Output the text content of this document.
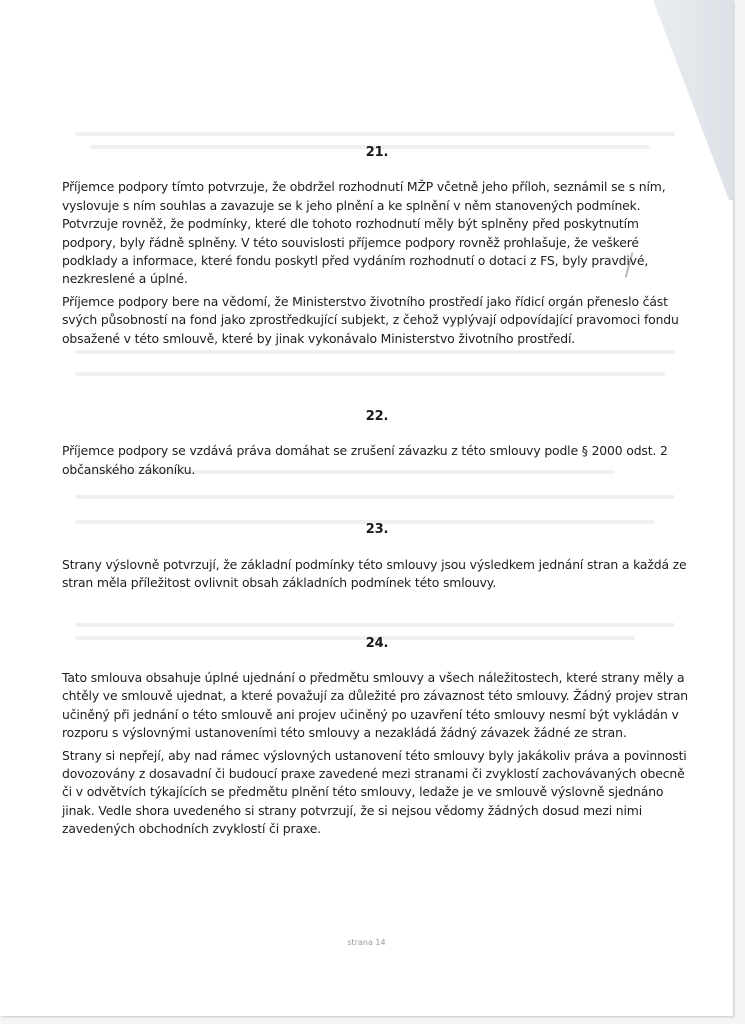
21.

Příjemce podpory tímto potvrzuje, že obdržel rozhodnutí MŽP včetně jeho příloh, seznámil se s ním, vyslovuje s ním souhlas a zavazuje se k jeho plnění a ke splnění v něm stanovených podmínek. Potvrzuje rovněž, že podmínky, které dle tohoto rozhodnutí měly být splněny před poskytnutím podpory, byly řádně splněny. V této souvislosti příjemce podpory rovněž prohlašuje, že veškeré podklady a informace, které fondu poskytl před vydáním rozhodnutí o dotaci z FS, byly pravdivé, nezkreslené a úplné.

Příjemce podpory bere na vědomí, že Ministerstvo životního prostředí jako řídicí orgán přeneslo část svých působností na fond jako zprostředkující subjekt, z čehož vyplývají odpovídající pravomoci fondu obsažené v této smlouvě, které by jinak vykonávalo Ministerstvo životního prostředí.

22.

Příjemce podpory se vzdává práva domáhat se zrušení závazku z této smlouvy podle § 2000 odst. 2 občanského zákoníku.

23.

Strany výslovně potvrzují, že základní podmínky této smlouvy jsou výsledkem jednání stran a každá ze stran měla příležitost ovlivnit obsah základních podmínek této smlouvy.

24.

Tato smlouva obsahuje úplné ujednání o předmětu smlouvy a všech náležitostech, které strany měly a chtěly ve smlouvě ujednat, a které považují za důležité pro závaznost této smlouvy. Žádný projev stran učiněný při jednání o této smlouvě ani projev učiněný po uzavření této smlouvy nesmí být vykládán v rozporu s výslovnými ustanoveními této smlouvy a nezakládá žádný závazek žádné ze stran.

Strany si nepřejí, aby nad rámec výslovných ustanovení této smlouvy byly jakákoliv práva a povinnosti dovozovány z dosavadní či budoucí praxe zavedené mezi stranami či zvyklostí zachovávaných obecně či v odvětvích týkajících se předmětu plnění této smlouvy, ledaže je ve smlouvě výslovně sjednáno jinak. Vedle shora uvedeného si strany potvrzují, že si nejsou vědomy žádných dosud mezi nimi zavedených obchodních zvyklostí či praxe.

strana 14
